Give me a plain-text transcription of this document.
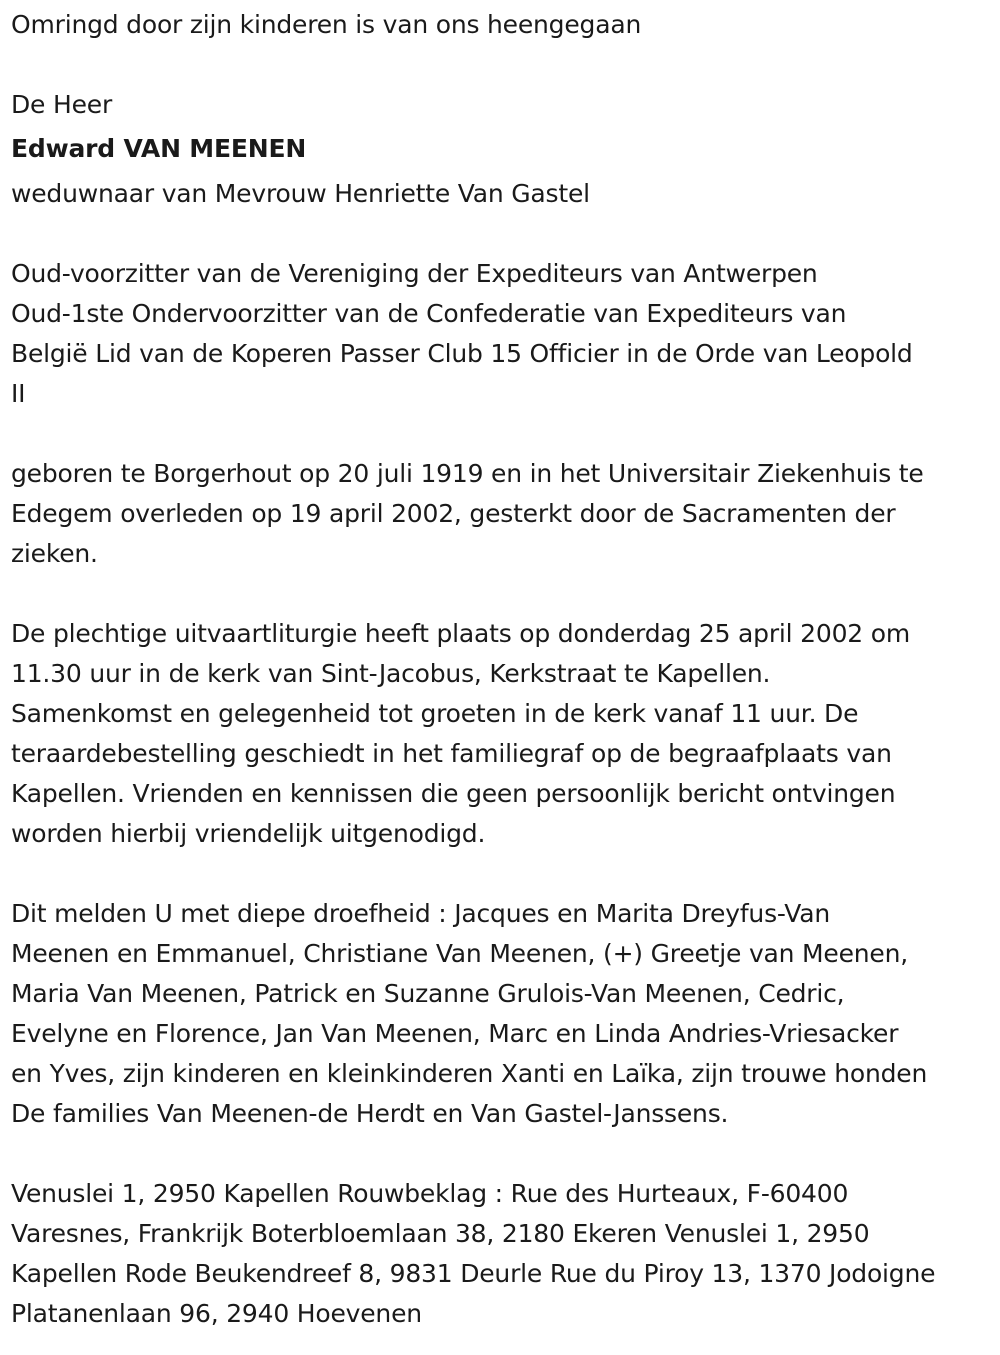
Omringd door zijn kinderen is van ons heengegaan

De Heer

Edward VAN MEENEN

weduwnaar van Mevrouw Henriette Van Gastel

Oud-voorzitter van de Vereniging der Expediteurs van Antwerpen
Oud-1ste Ondervoorzitter van de Confederatie van Expediteurs van
België Lid van de Koperen Passer Club 15 Officier in de Orde van Leopold
II
geboren te Borgerhout op 20 juli 1919 en in het Universitair Ziekenhuis te
Edegem overleden op 19 april 2002, gesterkt door de Sacramenten der
zieken.
De plechtige uitvaartliturgie heeft plaats op donderdag 25 april 2002 om
11.30 uur in de kerk van Sint-Jacobus, Kerkstraat te Kapellen.
Samenkomst en gelegenheid tot groeten in de kerk vanaf 11 uur. De
teraardebestelling geschiedt in het familiegraf op de begraafplaats van
Kapellen. Vrienden en kennissen die geen persoonlijk bericht ontvingen
worden hierbij vriendelijk uitgenodigd.
Dit melden U met diepe droefheid : Jacques en Marita Dreyfus-Van
Meenen en Emmanuel, Christiane Van Meenen, (+) Greetje van Meenen,
Maria Van Meenen, Patrick en Suzanne Grulois-Van Meenen, Cedric,
Evelyne en Florence, Jan Van Meenen, Marc en Linda Andries-Vriesacker
en Yves, zijn kinderen en kleinkinderen Xanti en Laïka, zijn trouwe honden
De families Van Meenen-de Herdt en Van Gastel-Janssens.
Venuslei 1, 2950 Kapellen Rouwbeklag : Rue des Hurteaux, F-60400
Varesnes, Frankrijk Boterbloemlaan 38, 2180 Ekeren Venuslei 1, 2950
Kapellen Rode Beukendreef 8, 9831 Deurle Rue du Piroy 13, 1370 Jodoigne
Platanenlaan 96, 2940 Hoevenen
